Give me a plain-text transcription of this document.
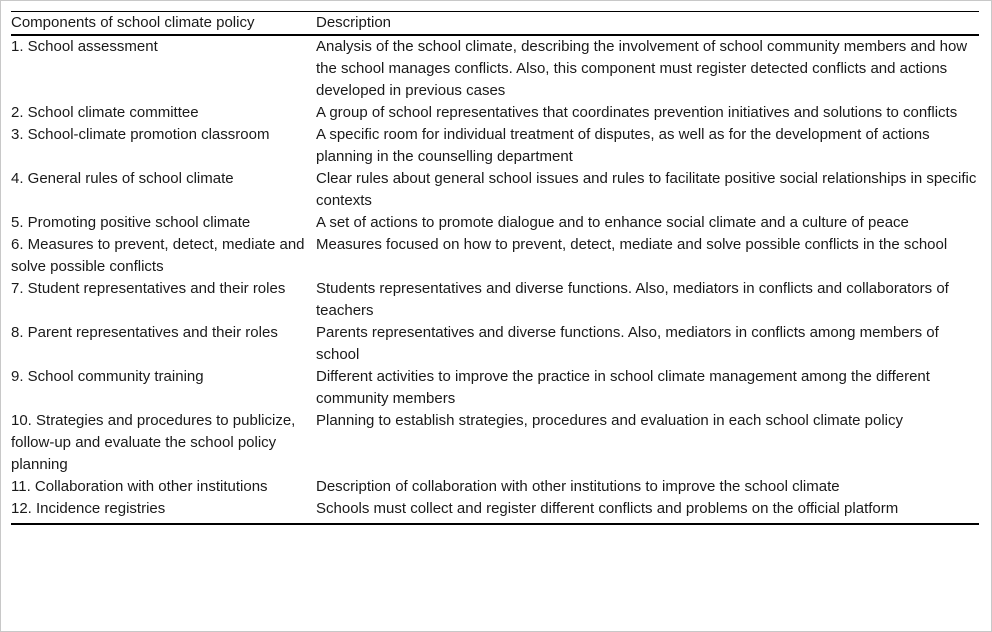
Components of school climate policy	Description
1. School assessment	Analysis of the school climate, describing the involvement of school community members and how the school manages conflicts. Also, this component must register detected conflicts and actions developed in previous cases
2. School climate committee	A group of school representatives that coordinates prevention initiatives and solutions to conflicts
3. School-climate promotion classroom	A specific room for individual treatment of disputes, as well as for the development of actions planning in the counselling department
4. General rules of school climate	Clear rules about general school issues and rules to facilitate positive social relationships in specific contexts
5. Promoting positive school climate	A set of actions to promote dialogue and to enhance social climate and a culture of peace
6. Measures to prevent, detect, mediate and solve possible conflicts	Measures focused on how to prevent, detect, mediate and solve possible conflicts in the school
7. Student representatives and their roles	Students representatives and diverse functions. Also, mediators in conflicts and collaborators of teachers
8. Parent representatives and their roles	Parents representatives and diverse functions. Also, mediators in conflicts among members of school
9. School community training	Different activities to improve the practice in school climate management among the different community members
10. Strategies and procedures to publicize, follow-up and evaluate the school policy planning	Planning to establish strategies, procedures and evaluation in each school climate policy
11. Collaboration with other institutions	Description of collaboration with other institutions to improve the school climate
12. Incidence registries	Schools must collect and register different conflicts and problems on the official platform
